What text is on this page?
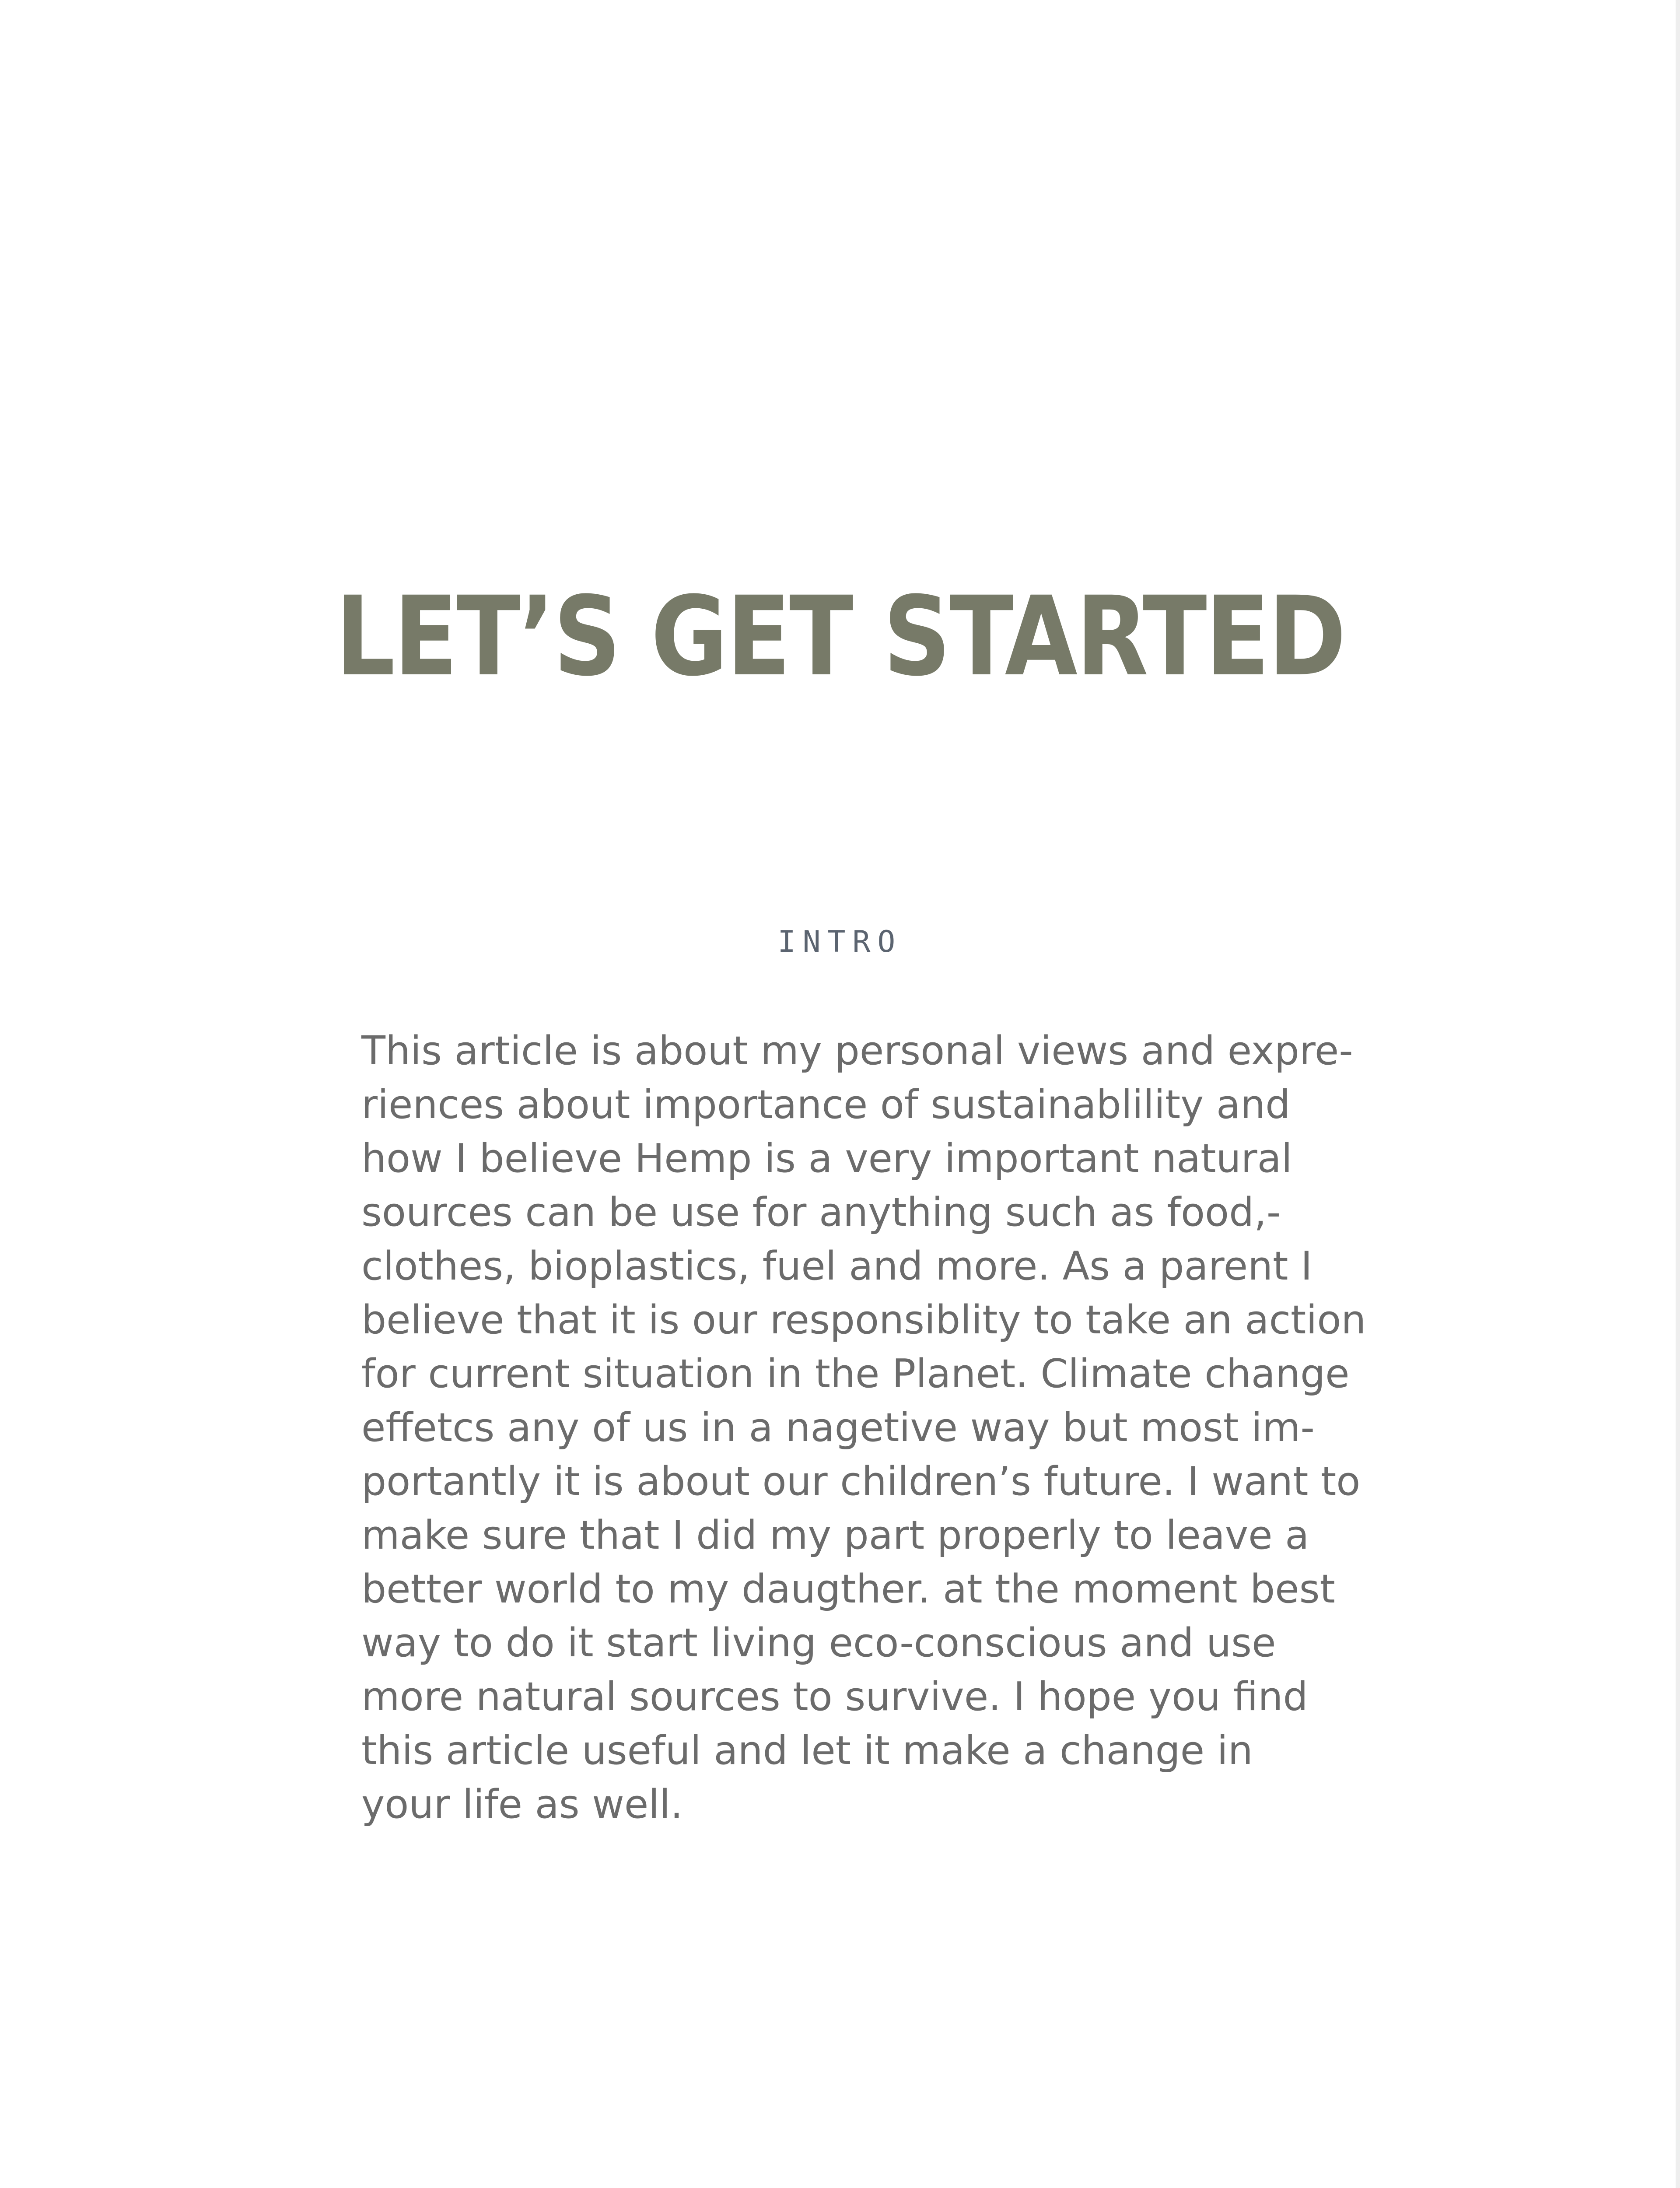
LET’S GET STARTED
INTRO

This article is about my personal views and expre-
riences about importance of sustainablility and
how I believe Hemp is a very important natural
sources can be use for anything such as food,-
clothes, bioplastics, fuel and more. As a parent I
believe that it is our responsiblity to take an action
for current situation in the Planet. Climate change
effetcs any of us in a nagetive way but most im-
portantly it is about our children’s future. I want to
make sure that I did my part properly to leave a
better world to my daugther. at the moment best
way to do it start living eco-conscious and use
more natural sources to survive. I hope you find
this article useful and let it make a change in
your life as well.
